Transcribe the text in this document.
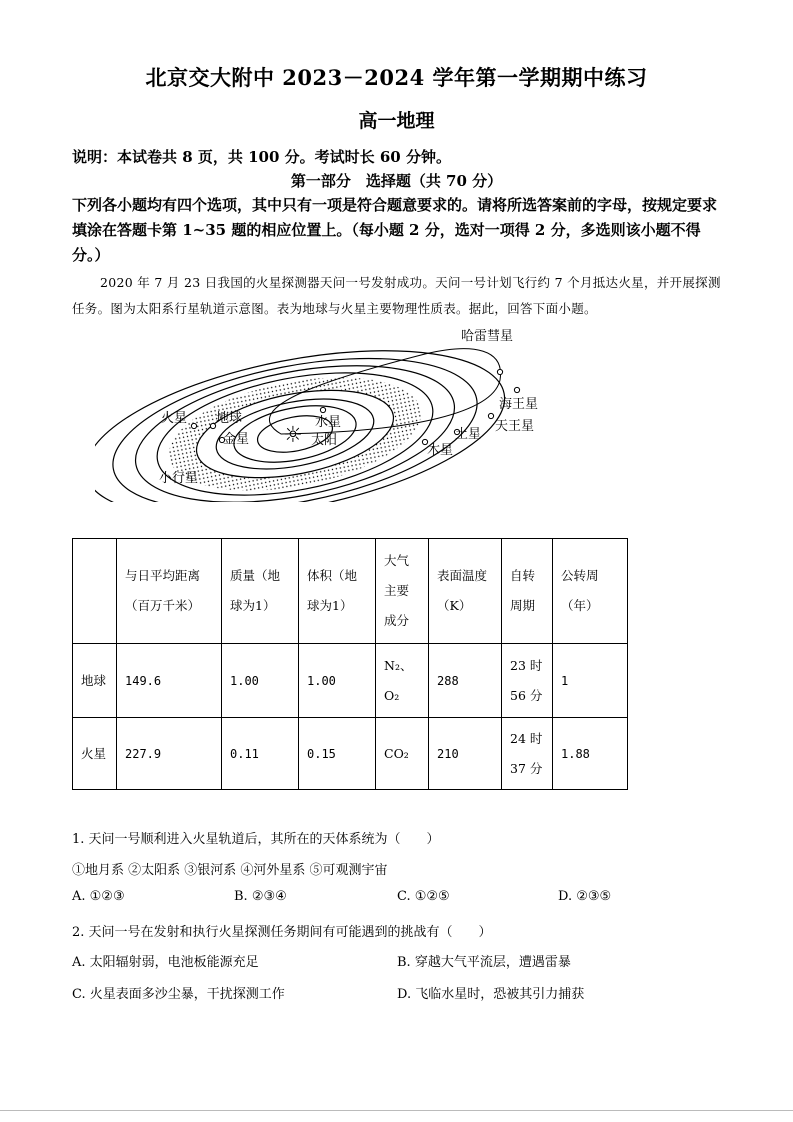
北京交大附中 2023－2024 学年第一学期期中练习
高一地理
说明：本试卷共 8 页，共 100 分。考试时长 60 分钟。
第一部分　选择题（共 70 分）
下列各小题均有四个选项，其中只有一项是符合题意要求的。请将所选答案前的字母，按规定要求填涂在答题卡第 1~35 题的相应位置上。（每小题 2 分，选对一项得 2 分，多选则该小题不得分。）
2020 年 7 月 23 日我国的火星探测器天问一号发射成功。天问一号计划飞行约 7 个月抵达火星，并开展探测任务。图为太阳系行星轨道示意图。表为地球与火星主要物理性质表。据此，回答下面小题。
☼
哈雷彗星
海王星
天王星
土星
木星
火星 地球
金星
水星
太阳
小行星
	与日平均距离（百万千米）	质量（地球为1）	体积（地球为1）	大气主要成分	表面温度（K）	自转周期	公转周（年）
地球	149.6	1.00	1.00	N₂、O₂	288	23 时 56 分	1
火星	227.9	0.11	0.15	CO₂	210	24 时 37 分	1.88
1. 天问一号顺利进入火星轨道后，其所在的天体系统为（　　）
①地月系 ②太阳系 ③银河系 ④河外星系 ⑤可观测宇宙
A. ①②③	B. ②③④	C. ①②⑤	D. ②③⑤
2. 天问一号在发射和执行火星探测任务期间有可能遇到的挑战有（　　）
A. 太阳辐射弱，电池板能源充足	B. 穿越大气平流层，遭遇雷暴
C. 火星表面多沙尘暴，干扰探测工作	D. 飞临水星时，恐被其引力捕获
